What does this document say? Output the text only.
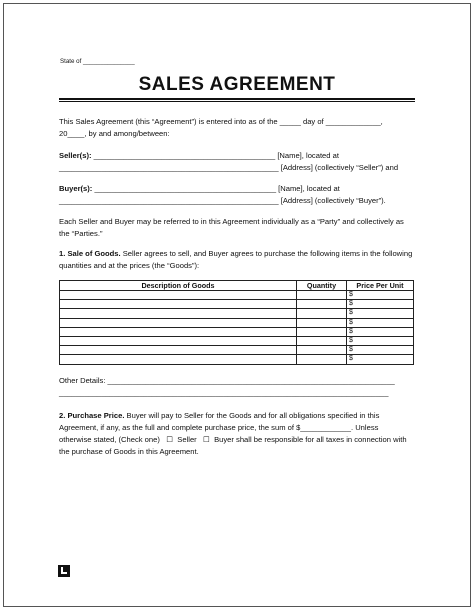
State of _______________
SALES AGREEMENT
This Sales Agreement (this “Agreement”) is entered into as of the _____ day of _____________,
20____, by and among/between:
Seller(s): ___________________________________________ [Name], located at
____________________________________________________ [Address] (collectively “Seller”) and
Buyer(s): ___________________________________________ [Name], located at
____________________________________________________ [Address] (collectively “Buyer”).
Each Seller and Buyer may be referred to in this Agreement individually as a “Party” and collectively as
the “Parties.”
1. Sale of Goods. Seller agrees to sell, and Buyer agrees to purchase the following items in the following
quantities and at the prices (the “Goods”):
Description of Goods	Quantity	Price Per Unit
		$
		$
		$
		$
		$
		$
		$
		$
Other Details: ____________________________________________________________________
______________________________________________________________________________
2. Purchase Price. Buyer will pay to Seller for the Goods and for all obligations specified in this
Agreement, if any, as the full and complete purchase price, the sum of $____________. Unless
otherwise stated, (Check one) ☐ Seller ☐ Buyer shall be responsible for all taxes in connection with
the purchase of Goods in this Agreement.
